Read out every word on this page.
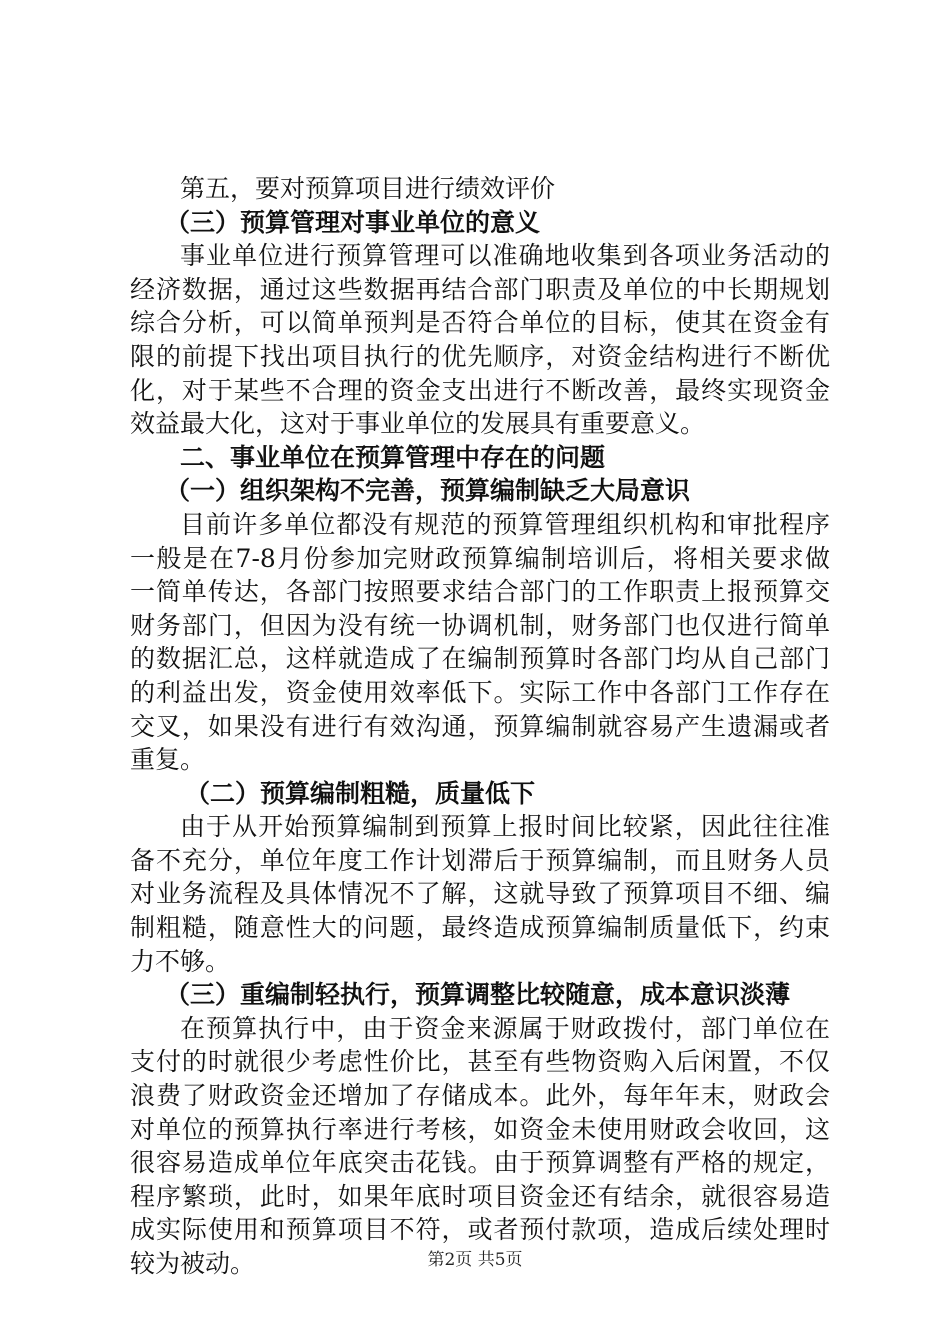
第五，要对预算项目进行绩效评价
（三）预算管理对事业单位的意义
事业单位进行预算管理可以准确地收集到各项业务活动的
经济数据，通过这些数据再结合部门职责及单位的中长期规划
综合分析，可以简单预判是否符合单位的目标，使其在资金有
限的前提下找出项目执行的优先顺序，对资金结构进行不断优
化，对于某些不合理的资金支出进行不断改善，最终实现资金
效益最大化，这对于事业单位的发展具有重要意义。
二、事业单位在预算管理中存在的问题
（一）组织架构不完善，预算编制缺乏大局意识
目前许多单位都没有规范的预算管理组织机构和审批程序
一般是在7-8月份参加完财政预算编制培训后，将相关要求做
一简单传达，各部门按照要求结合部门的工作职责上报预算交
财务部门，但因为没有统一协调机制，财务部门也仅进行简单
的数据汇总，这样就造成了在编制预算时各部门均从自己部门
的利益出发，资金使用效率低下。实际工作中各部门工作存在
交叉，如果没有进行有效沟通，预算编制就容易产生遗漏或者
重复。
（二）预算编制粗糙，质量低下
由于从开始预算编制到预算上报时间比较紧，因此往往准
备不充分，单位年度工作计划滞后于预算编制，而且财务人员
对业务流程及具体情况不了解，这就导致了预算项目不细、编
制粗糙，随意性大的问题，最终造成预算编制质量低下，约束
力不够。
（三）重编制轻执行，预算调整比较随意，成本意识淡薄
在预算执行中，由于资金来源属于财政拨付，部门单位在
支付的时就很少考虑性价比，甚至有些物资购入后闲置，不仅
浪费了财政资金还增加了存储成本。此外，每年年末，财政会
对单位的预算执行率进行考核，如资金未使用财政会收回，这
很容易造成单位年底突击花钱。由于预算调整有严格的规定，
程序繁琐，此时，如果年底时项目资金还有结余，就很容易造
成实际使用和预算项目不符，或者预付款项，造成后续处理时
较为被动。	第2页 共5页
